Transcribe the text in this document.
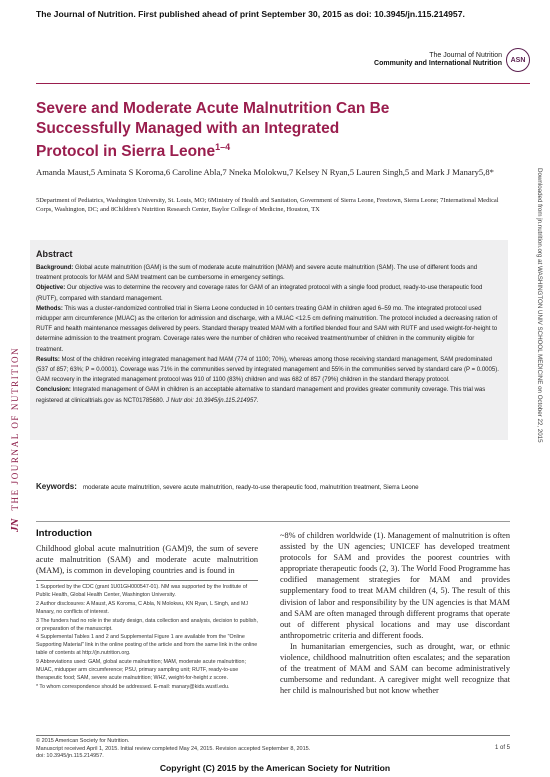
The Journal of Nutrition. First published ahead of print September 30, 2015 as doi: 10.3945/jn.115.214957.
The Journal of Nutrition
Community and International Nutrition	ASN
JN
THE JOURNAL OF NUTRITION	Downloaded from jn.nutrition.org at WASHINGTON UNIV SCHOOL MEDICINE on October 22, 2015
Severe and Moderate Acute Malnutrition Can Be
Successfully Managed with an Integrated
Protocol in Sierra Leone$^{1-4}$
Amanda Maust,5 Aminata S Koroma,6 Caroline Abla,7 Nneka Molokwu,7 Kelsey N Ryan,5 Lauren Singh,5 and Mark J Manary5,8*
5Department of Pediatrics, Washington University, St. Louis, MO; 6Ministry of Health and Sanitation, Government of Sierra Leone, Freetown, Sierra Leone; 7International Medical Corps, Washington, DC; and 8Children's Nutrition Research Center, Baylor College of Medicine, Houston, TX
Abstract

Background: Global acute malnutrition (GAM) is the sum of moderate acute malnutrition (MAM) and severe acute malnutrition (SAM). The use of different foods and treatment protocols for MAM and SAM treatment can be cumbersome in emergency settings.

Objective: Our objective was to determine the recovery and coverage rates for GAM of an integrated protocol with a single food product, ready-to-use therapeutic food (RUTF), compared with standard management.

Methods: This was a cluster-randomized controlled trial in Sierra Leone conducted in 10 centers treating GAM in children aged 6–59 mo. The integrated protocol used midupper arm circumference (MUAC) as the criterion for admission and discharge, with a MUAC <12.5 cm defining malnutrition. The protocol included a decreasing ration of RUTF and health maintenance messages delivered by peers. Standard therapy treated MAM with a fortified blended flour and SAM with RUTF and used weight-for-height to determine admission to the treatment program. Coverage rates were the number of children who received treatment/number of children in the community eligible for treatment.

Results: Most of the children receiving integrated management had MAM (774 of 1100; 70%), whereas among those receiving standard management, SAM predominated (537 of 857; 63%; P = 0.0001). Coverage was 71% in the communities served by integrated management and 55% in the communities served by standard care (P = 0.0005). GAM recovery in the integrated management protocol was 910 of 1100 (83%) children and was 682 of 857 (79%) children in the standard therapy protocol.

Conclusion: Integrated management of GAM in children is an acceptable alternative to standard management and provides greater community coverage. This trial was registered at clinicaltrials.gov as NCT01785680. J Nutr doi: 10.3945/jn.115.214957.

Keywords: moderate acute malnutrition, severe acute malnutrition, ready-to-use therapeutic food, malnutrition treatment, Sierra Leone
Introduction
Childhood global acute malnutrition (GAM)9, the sum of severe acute malnutrition (SAM) and moderate acute malnutrition (MAM), is common in developing countries and is found in

1 Supported by the CDC (grant 1U01GH000547-01). NM was supported by the Institute of Public Health, Global Health Center, Washington University.

2 Author disclosures: A Maust, AS Koroma, C Abla, N Molokwu, KN Ryan, L Singh, and MJ Manary, no conflicts of interest.

3 The funders had no role in the study design, data collection and analysis, decision to publish, or preparation of the manuscript.

4 Supplemental Tables 1 and 2 and Supplemental Figure 1 are available from the "Online Supporting Material" link in the online posting of the article and from the same link in the online table of contents at http://jn.nutrition.org.

9 Abbreviations used: GAM, global acute malnutrition; MAM, moderate acute malnutrition; MUAC, midupper arm circumference; PSU, primary sampling unit; RUTF, ready-to-use therapeutic food; SAM, severe acute malnutrition; WHZ, weight-for-height z score.

* To whom correspondence should be addressed. E-mail: manary@kids.wustl.edu.

~8% of children worldwide (1). Management of malnutrition is often assisted by the UN agencies; UNICEF has developed treatment protocols for SAM and provides the poorest countries with appropriate therapeutic foods (2, 3). The World Food Programme has codified management strategies for MAM and provides supplementary food to treat MAM children (4, 5). The result of this division of labor and responsibility by the UN agencies is that MAM and SAM are often managed through different programs that operate out of different physical locations and may use discordant anthropometric criteria and different foods.

In humanitarian emergencies, such as drought, war, or ethnic violence, childhood malnutrition often escalates; and the separation of the treatment of MAM and SAM can become administratively cumbersome and redundant. A caregiver might well recognize that her child is malnourished but not know whether

© 2015 American Society for Nutrition.
Manuscript received April 1, 2015. Initial review completed May 24, 2015. Revision accepted September 8, 2015.
doi: 10.3945/jn.115.214957.
1 of 5
Copyright (C) 2015 by the American Society for Nutrition
